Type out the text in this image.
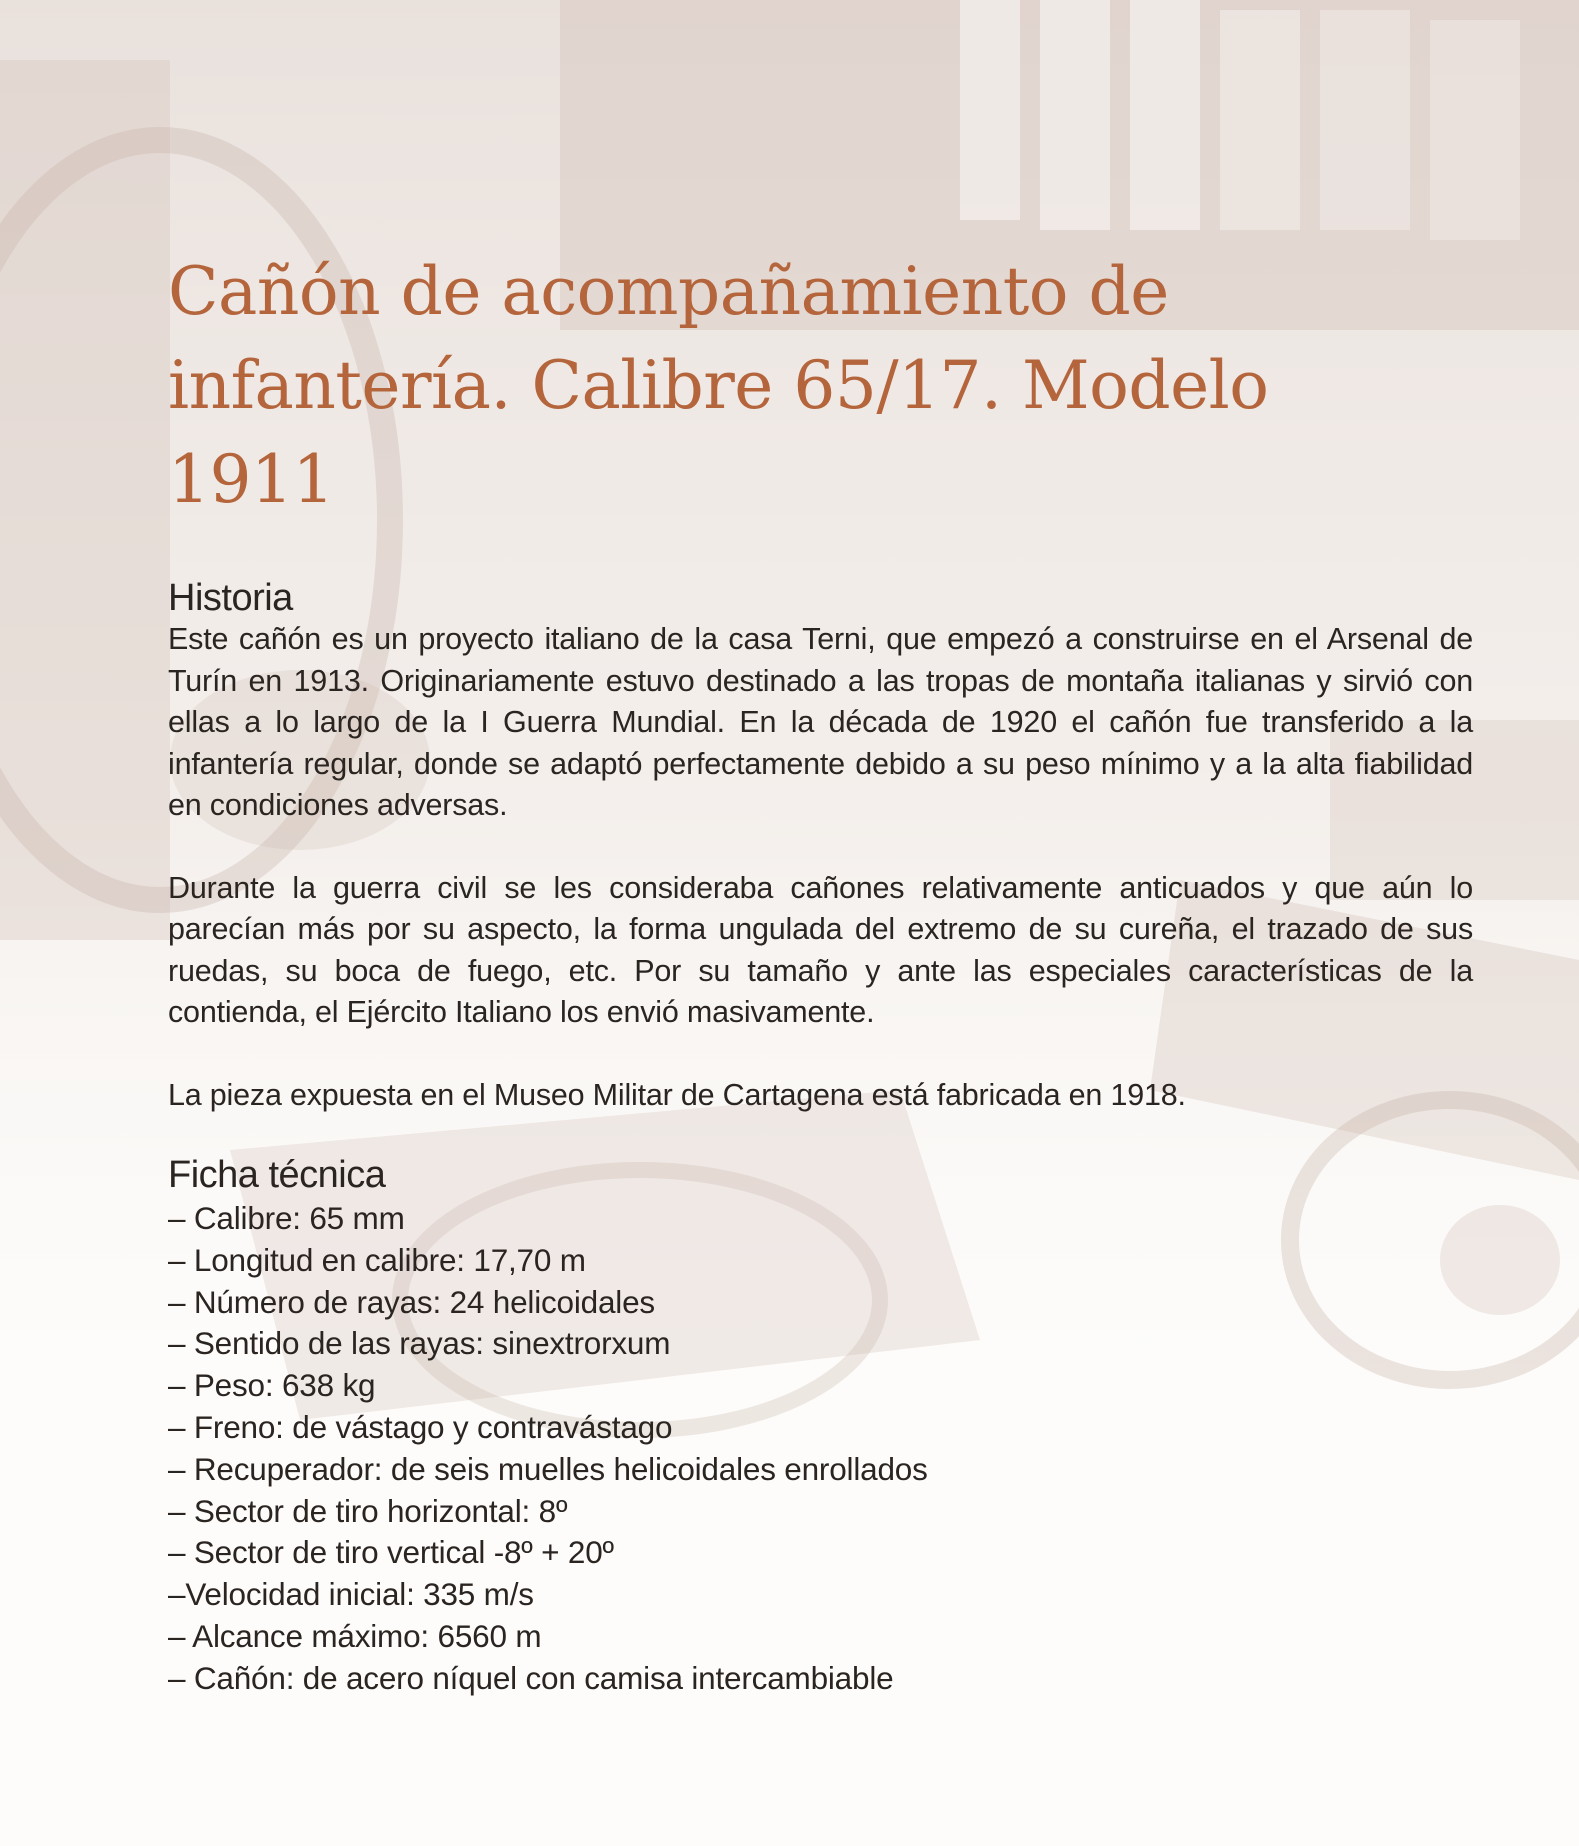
Cañón de acompañamiento de infantería. Calibre 65/17. Modelo 1911
Historia

Este cañón es un proyecto italiano de la casa Terni, que empezó a construirse en el Arsenal de Turín en 1913. Originariamente estuvo destinado a las tropas de montaña italianas y sirvió con ellas a lo largo de la I Guerra Mundial. En la década de 1920 el cañón fue transferido a la infantería regular, donde se adaptó perfectamente debido a su peso mínimo y a la alta fiabilidad en condiciones adversas.

Durante la guerra civil se les consideraba cañones relativamente anticuados y que aún lo parecían más por su aspecto, la forma ungulada del extremo de su cureña, el trazado de sus ruedas, su boca de fuego, etc. Por su tamaño y ante las especiales características de la contienda, el Ejército Italiano los envió masivamente.

La pieza expuesta en el Museo Militar de Cartagena está fabricada en 1918.

Ficha técnica
– Calibre: 65 mm
– Longitud en calibre: 17,70 m
– Número de rayas: 24 helicoidales
– Sentido de las rayas: sinextrorxum
– Peso: 638 kg
– Freno: de vástago y contravástago
– Recuperador: de seis muelles helicoidales enrollados
– Sector de tiro horizontal: 8º
– Sector de tiro vertical -8º + 20º
–Velocidad inicial: 335 m/s
– Alcance máximo: 6560 m
– Cañón: de acero níquel con camisa intercambiable
